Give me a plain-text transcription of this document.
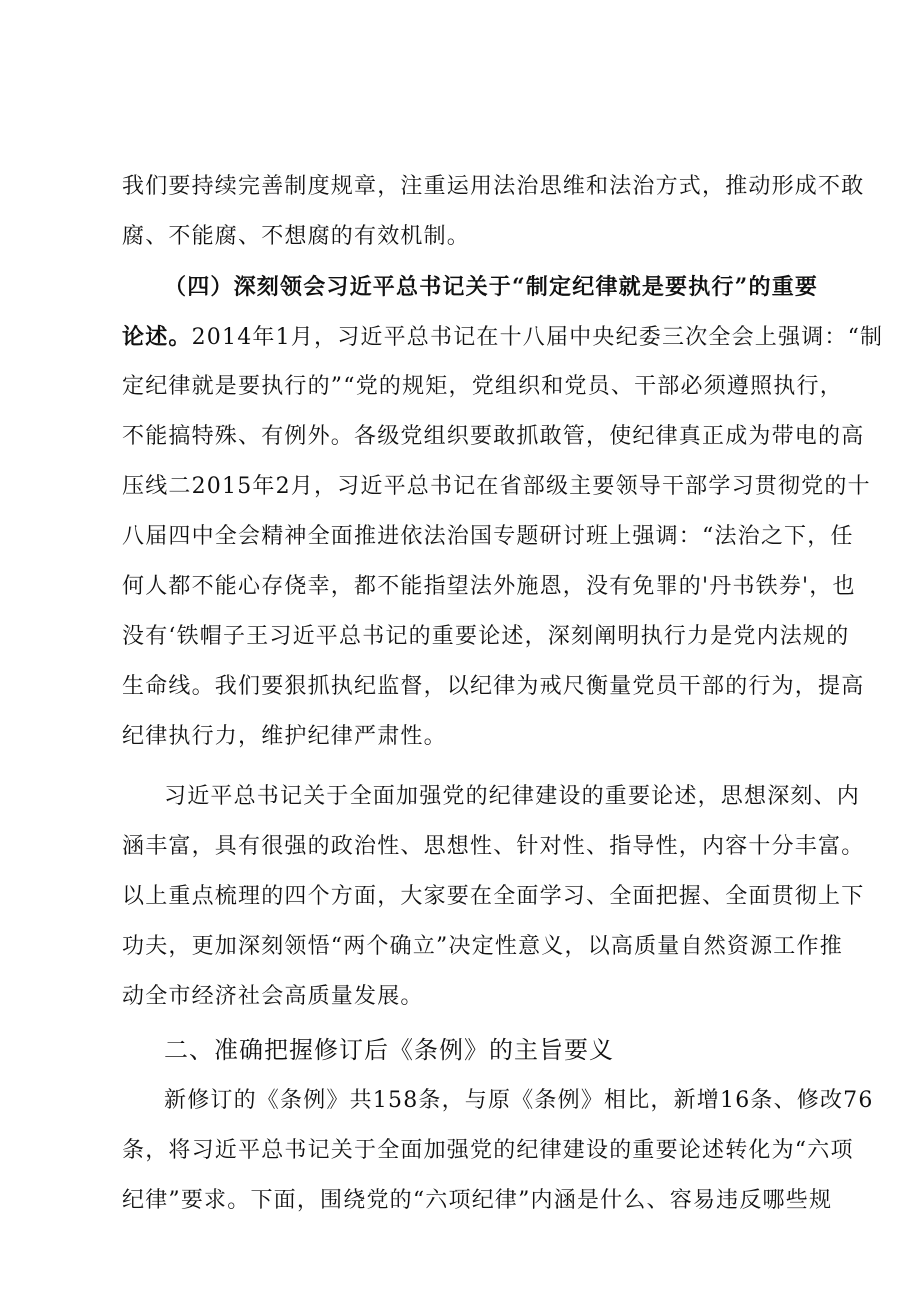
我们要持续完善制度规章，注重运用法治思维和法治方式，推动形成不敢
腐、不能腐、不想腐的有效机制。
（四）深刻领会习近平总书记关于“制定纪律就是要执行”的重要
论述。2014年1月，习近平总书记在十八届中央纪委三次全会上强调：“制
定纪律就是要执行的”“党的规矩，党组织和党员、干部必须遵照执行，
不能搞特殊、有例外。各级党组织要敢抓敢管，使纪律真正成为带电的高
压线二2015年2月，习近平总书记在省部级主要领导干部学习贯彻党的十
八届四中全会精神全面推进依法治国专题研讨班上强调：“法治之下，任
何人都不能心存侥幸，都不能指望法外施恩，没有免罪的'丹书铁券'，也
没有‘铁帽子王习近平总书记的重要论述，深刻阐明执行力是党内法规的
生命线。我们要狠抓执纪监督，以纪律为戒尺衡量党员干部的行为，提高
纪律执行力，维护纪律严肃性。
习近平总书记关于全面加强党的纪律建设的重要论述，思想深刻、内
涵丰富，具有很强的政治性、思想性、针对性、指导性，内容十分丰富。
以上重点梳理的四个方面，大家要在全面学习、全面把握、全面贯彻上下
功夫，更加深刻领悟“两个确立”决定性意义，以高质量自然资源工作推
动全市经济社会高质量发展。
二、准确把握修订后《条例》的主旨要义
新修订的《条例》共158条，与原《条例》相比，新增16条、修改76
条，将习近平总书记关于全面加强党的纪律建设的重要论述转化为“六项
纪律”要求。下面，围绕党的“六项纪律”内涵是什么、容易违反哪些规
